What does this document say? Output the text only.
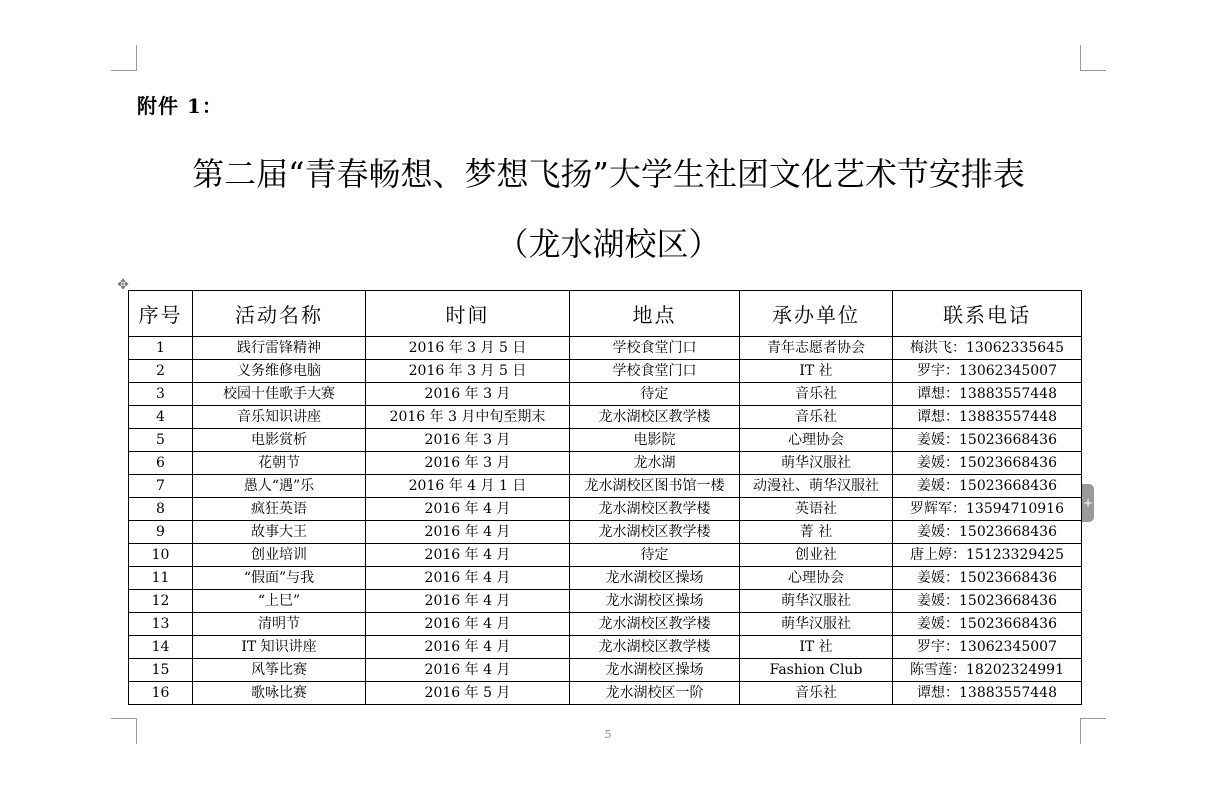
附件 1：
第二届“青春畅想、梦想飞扬”大学生社团文化艺术节安排表
（龙水湖校区）
✥
序号	活动名称	时间	地点	承办单位	联系电话
1	践行雷锋精神	2016 年 3 月 5 日	学校食堂门口	青年志愿者协会	梅洪飞：13062335645
2	义务维修电脑	2016 年 3 月 5 日	学校食堂门口	IT 社	罗宇：13062345007
3	校园十佳歌手大赛	2016 年 3 月	待定	音乐社	谭想：13883557448
4	音乐知识讲座	2016 年 3 月中旬至期末	龙水湖校区教学楼	音乐社	谭想：13883557448
5	电影赏析	2016 年 3 月	电影院	心理协会	姜媛：15023668436
6	花朝节	2016 年 3 月	龙水湖	萌华汉服社	姜媛：15023668436
7	愚人“遇”乐	2016 年 4 月 1 日	龙水湖校区图书馆一楼	动漫社、萌华汉服社	姜媛：15023668436
8	疯狂英语	2016 年 4 月	龙水湖校区教学楼	英语社	罗辉军：13594710916
9	故事大王	2016 年 4 月	龙水湖校区教学楼	菁 社	姜媛：15023668436
10	创业培训	2016 年 4 月	待定	创业社	唐上婷：15123329425
11	“假面”与我	2016 年 4 月	龙水湖校区操场	心理协会	姜媛：15023668436
12	“上巳”	2016 年 4 月	龙水湖校区操场	萌华汉服社	姜媛：15023668436
13	清明节	2016 年 4 月	龙水湖校区教学楼	萌华汉服社	姜媛：15023668436
14	IT 知识讲座	2016 年 4 月	龙水湖校区教学楼	IT 社	罗宇：13062345007
15	风筝比赛	2016 年 4 月	龙水湖校区操场	Fashion Club	陈雪莲：18202324991
16	歌咏比赛	2016 年 5 月	龙水湖校区一阶	音乐社	谭想：13883557448
5
+
